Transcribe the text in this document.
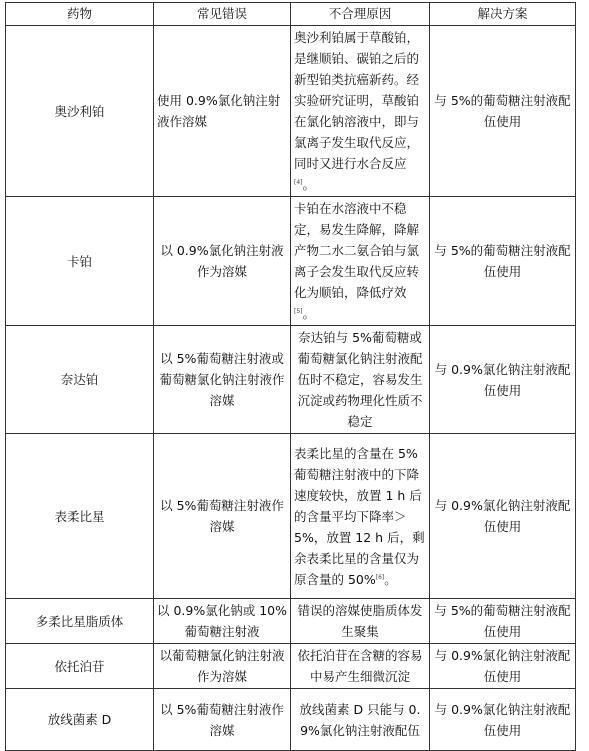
药物	常见错误	不合理原因	解决方案
奥沙利铂	使用 0.9%氯化钠注射液作溶媒	奥沙利铂属于草酸铂，是继顺铂、碳铂之后的新型铂类抗癌新药。经实验研究证明，草酸铂在氯化钠溶液中，即与氯离子发生取代反应，同时又进行水合反应[4]。	与 5%的葡萄糖注射液配伍使用
卡铂	以 0.9%氯化钠注射液作为溶媒	卡铂在水溶液中不稳定，易发生降解，降解产物二水二氨合铂与氯离子会发生取代反应转化为顺铂，降低疗效[5]。	与 5%的葡萄糖注射液配伍使用
奈达铂	以 5%葡萄糖注射液或葡萄糖氯化钠注射液作溶媒	奈达铂与 5%葡萄糖或葡萄糖氯化钠注射液配伍时不稳定，容易发生沉淀或药物理化性质不稳定	与 0.9%氯化钠注射液配伍使用
表柔比星	以 5%葡萄糖注射液作溶媒	表柔比星的含量在 5%葡萄糖注射液中的下降速度较快，放置 1 h 后的含量平均下降率＞5%，放置 12 h 后，剩余表柔比星的含量仅为原含量的 50%[6]。	与 0.9%氯化钠注射液配伍使用
多柔比星脂质体	以 0.9%氯化钠或 10%葡萄糖注射液	错误的溶媒使脂质体发生聚集	与 5%的葡萄糖注射液配伍使用
依托泊苷	以葡萄糖氯化钠注射液作为溶媒	依托泊苷在含糖的容易中易产生细微沉淀	与 0.9%氯化钠注射液配伍使用
放线菌素 D	以 5%葡萄糖注射液作溶媒	放线菌素 D 只能与 0.9%氯化钠注射液配伍	与 0.9%氯化钠注射液配伍使用
